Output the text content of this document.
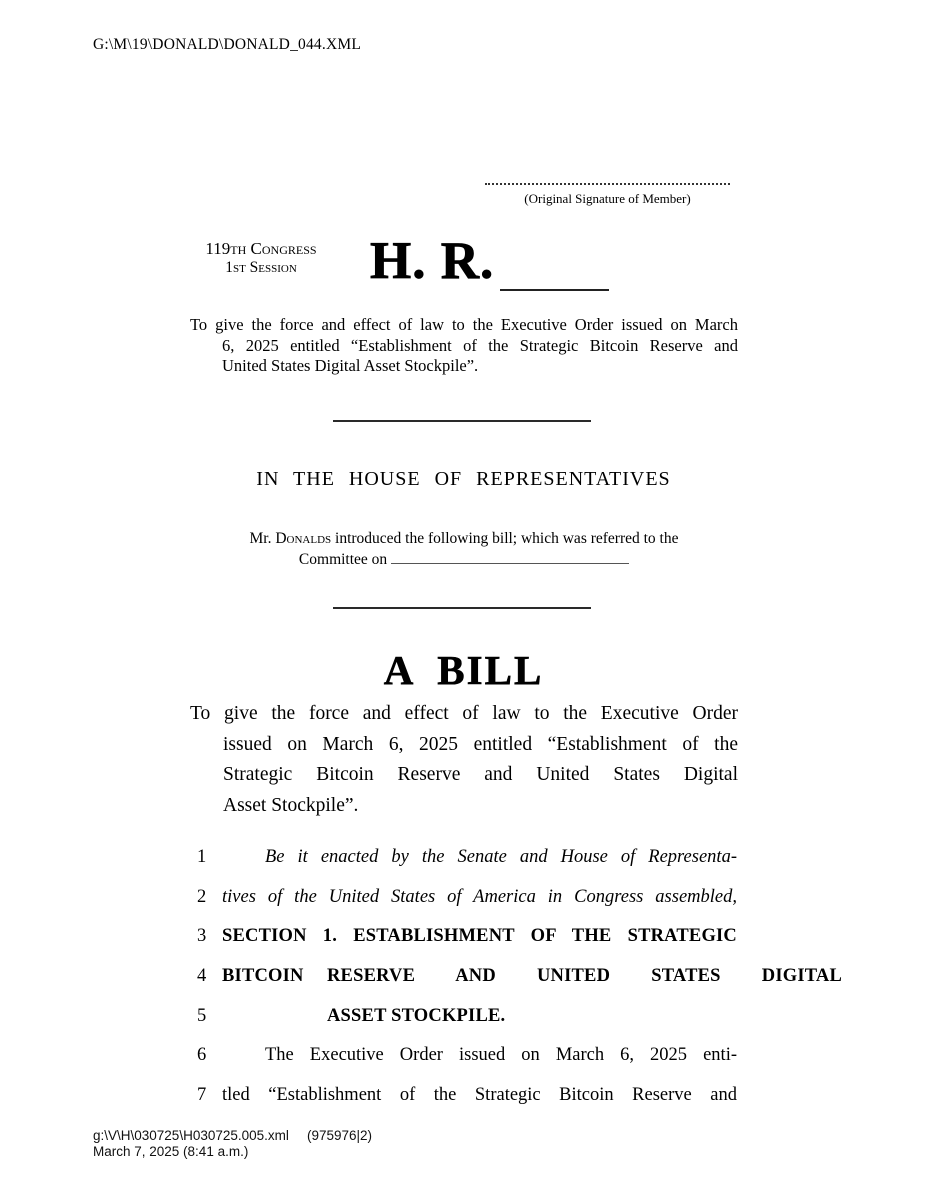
G:\M\19\DONALD\DONALD_044.XML
(Original Signature of Member)
119th Congress
1st Session	H. R.
To give the force and effect of law to the Executive Order issued on March
6, 2025 entitled “Establishment of the Strategic Bitcoin Reserve and
United States Digital Asset Stockpile”.
IN THE HOUSE OF REPRESENTATIVES
Mr. Donalds introduced the following bill; which was referred to the
Committee on
A BILL
To give the force and effect of law to the Executive Order
issued on March 6, 2025 entitled “Establishment of the
Strategic Bitcoin Reserve and United States Digital
Asset Stockpile”.
1	Be it enacted by the Senate and House of Representa-
2 tives of the United States of America in Congress assembled,
3 SECTION 1. ESTABLISHMENT OF THE STRATEGIC BITCOIN
4	RESERVE AND UNITED STATES DIGITAL
5	ASSET STOCKPILE.
6	The Executive Order issued on March 6, 2025 enti-
7 tled “Establishment of the Strategic Bitcoin Reserve and
g:\V\H\030725\H030725.005.xml (975976|2)
March 7, 2025 (8:41 a.m.)
